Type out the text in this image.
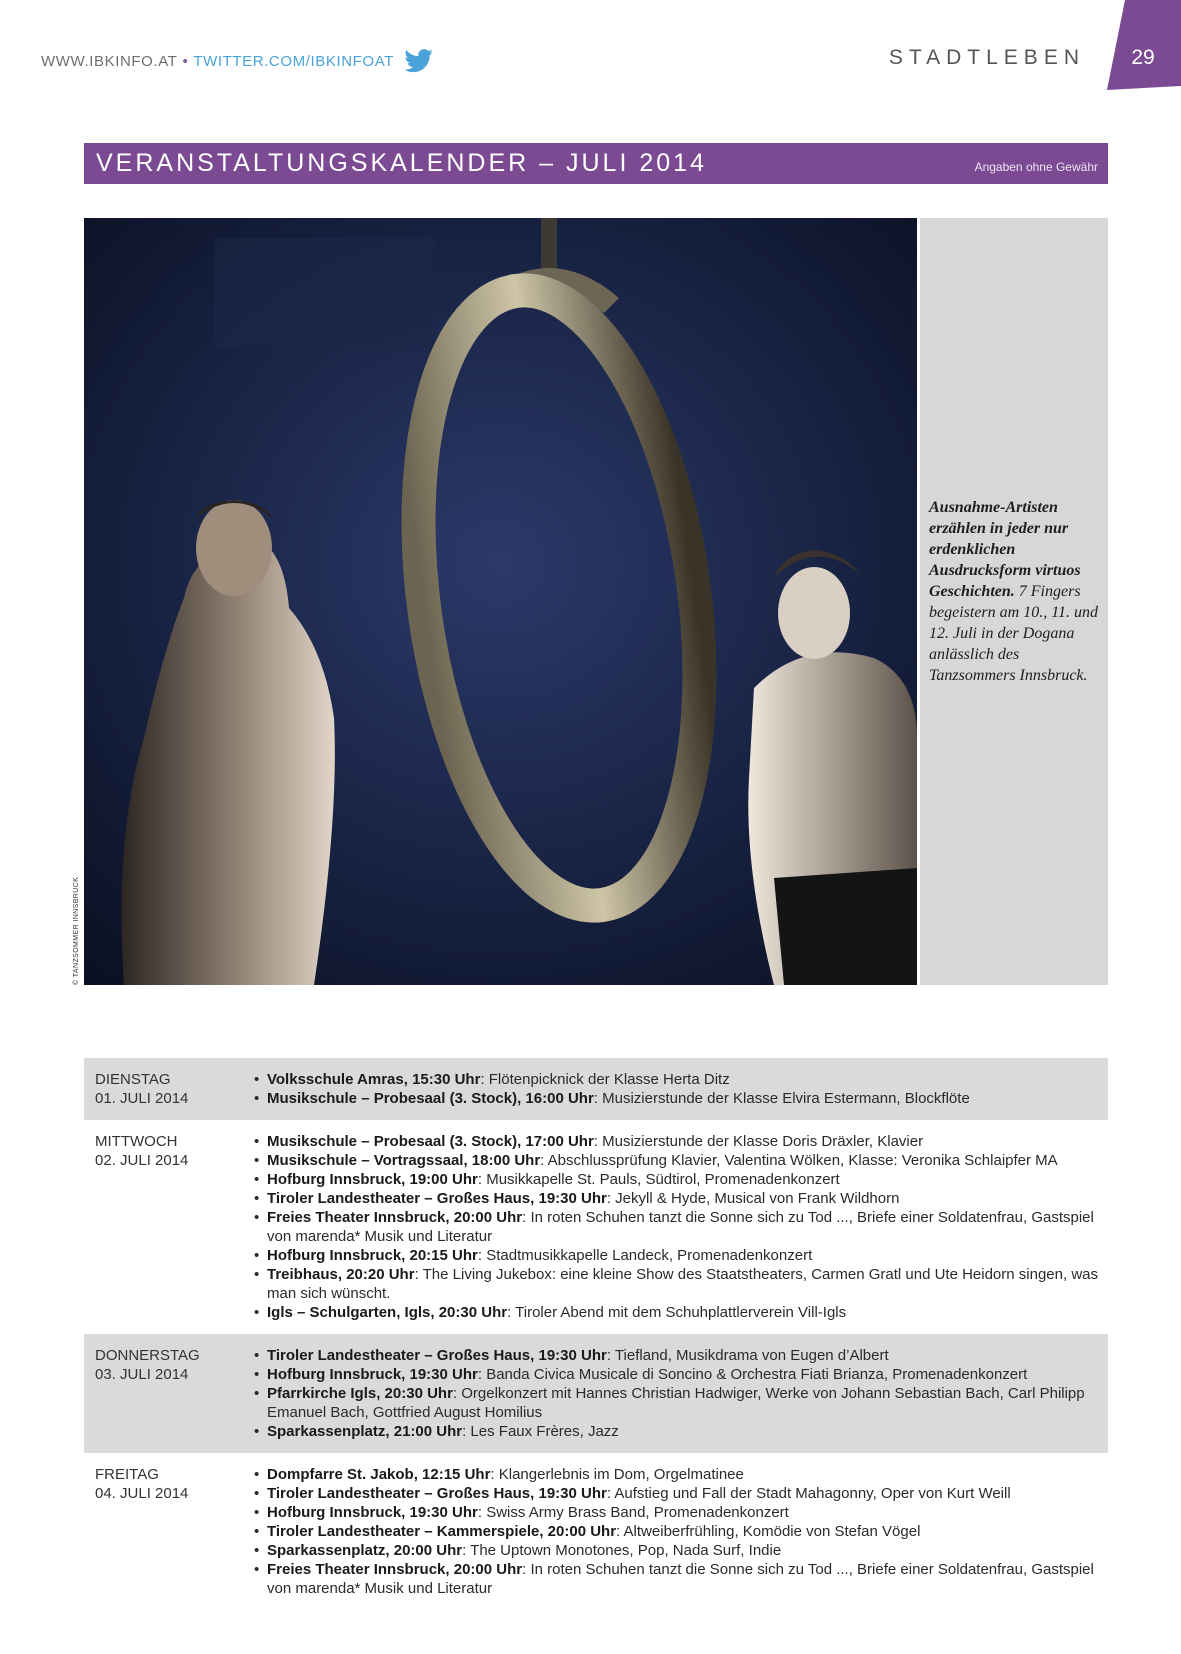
WWW.IBKINFO.AT • TWITTER.COM/IBKINFOAT	STADTLEBEN	29
VERANSTALTUNGSKALENDER – JULI 2014	Angaben ohne Gewähr
© TANZSOMMER INNSBRUCK
Ausnahme-Artisten erzählen in jeder nur erdenklichen Ausdrucksform virtuos Geschichten. 7 Fingers begeistern am 10., 11. und 12. Juli in der Dogana anlässlich des Tanzsommers Innsbruck.
DIENSTAG
01. JULI 2014
• Volksschule Amras, 15:30 Uhr: Flötenpicknick der Klasse Herta Ditz
• Musikschule – Probesaal (3. Stock), 16:00 Uhr: Musizierstunde der Klasse Elvira Estermann, Blockflöte
MITTWOCH
02. JULI 2014
• Musikschule – Probesaal (3. Stock), 17:00 Uhr: Musizierstunde der Klasse Doris Dräxler, Klavier
• Musikschule – Vortragssaal, 18:00 Uhr: Abschlussprüfung Klavier, Valentina Wölken, Klasse: Veronika Schlaipfer MA
• Hofburg Innsbruck, 19:00 Uhr: Musikkapelle St. Pauls, Südtirol, Promenadenkonzert
• Tiroler Landestheater – Großes Haus, 19:30 Uhr: Jekyll & Hyde, Musical von Frank Wildhorn
• Freies Theater Innsbruck, 20:00 Uhr: In roten Schuhen tanzt die Sonne sich zu Tod ..., Briefe einer Soldatenfrau, Gastspiel von marenda* Musik und Literatur
• Hofburg Innsbruck, 20:15 Uhr: Stadtmusikkapelle Landeck, Promenadenkonzert
• Treibhaus, 20:20 Uhr: The Living Jukebox: eine kleine Show des Staatstheaters, Carmen Gratl und Ute Heidorn singen, was man sich wünscht.
• Igls – Schulgarten, Igls, 20:30 Uhr: Tiroler Abend mit dem Schuhplattlerverein Vill-Igls
DONNERSTAG
03. JULI 2014
• Tiroler Landestheater – Großes Haus, 19:30 Uhr: Tiefland, Musikdrama von Eugen d’Albert
• Hofburg Innsbruck, 19:30 Uhr: Banda Civica Musicale di Soncino & Orchestra Fiati Brianza, Promenadenkonzert
• Pfarrkirche Igls, 20:30 Uhr: Orgelkonzert mit Hannes Christian Hadwiger, Werke von Johann Sebastian Bach, Carl Philipp Emanuel Bach, Gottfried August Homilius
• Sparkassenplatz, 21:00 Uhr: Les Faux Frères, Jazz
FREITAG
04. JULI 2014
• Dompfarre St. Jakob, 12:15 Uhr: Klangerlebnis im Dom, Orgelmatinee
• Tiroler Landestheater – Großes Haus, 19:30 Uhr: Aufstieg und Fall der Stadt Mahagonny, Oper von Kurt Weill
• Hofburg Innsbruck, 19:30 Uhr: Swiss Army Brass Band, Promenadenkonzert
• Tiroler Landestheater – Kammerspiele, 20:00 Uhr: Altweiberfrühling, Komödie von Stefan Vögel
• Sparkassenplatz, 20:00 Uhr: The Uptown Monotones, Pop, Nada Surf, Indie
• Freies Theater Innsbruck, 20:00 Uhr: In roten Schuhen tanzt die Sonne sich zu Tod ..., Briefe einer Soldatenfrau, Gastspiel von marenda* Musik und Literatur
